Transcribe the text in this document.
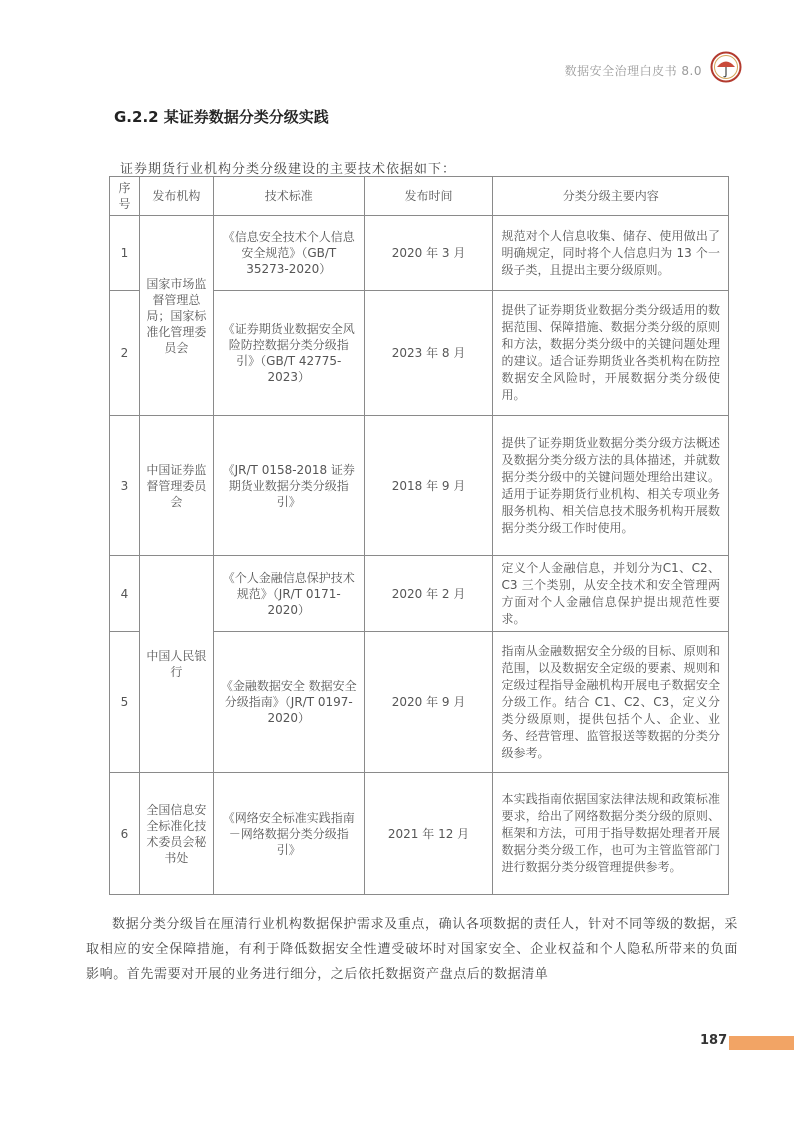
数据安全治理白皮书 8.0
G.2.2 某证券数据分类分级实践
证券期货行业机构分类分级建设的主要技术依据如下：
序号	发布机构	技术标准	发布时间	分类分级主要内容
1	国家市场监督管理总局；国家标准化管理委员会	《信息安全技术个人信息安全规范》（GB/T 35273-2020）	2020 年 3 月	规范对个人信息收集、储存、使用做出了明确规定，同时将个人信息归为 13 个一级子类，且提出主要分级原则。
2		《证券期货业数据安全风险防控数据分类分级指引》（GB/T 42775-2023）	2023 年 8 月	提供了证券期货业数据分类分级适用的数据范围、保障措施、数据分类分级的原则和方法，数据分类分级中的关键问题处理的建议。适合证券期货业各类机构在防控数据安全风险时，开展数据分类分级使用。
3	中国证券监督管理委员会	《JR/T 0158-2018 证券期货业数据分类分级指引》	2018 年 9 月	提供了证券期货业数据分类分级方法概述及数据分类分级方法的具体描述，并就数据分类分级中的关键问题处理给出建议。适用于证券期货行业机构、相关专项业务服务机构、相关信息技术服务机构开展数据分类分级工作时使用。
4	中国人民银行	《个人金融信息保护技术规范》（JR/T 0171-2020）	2020 年 2 月	定义个人金融信息，并划分为C1、C2、C3 三个类别，从安全技术和安全管理两方面对个人金融信息保护提出规范性要求。
5		《金融数据安全 数据安全分级指南》（JR/T 0197-2020）	2020 年 9 月	指南从金融数据安全分级的目标、原则和范围，以及数据安全定级的要素、规则和定级过程指导金融机构开展电子数据安全分级工作。结合 C1、C2、C3，定义分类分级原则，提供包括个人、企业、业务、经营管理、监管报送等数据的分类分级参考。
6	全国信息安全标准化技术委员会秘书处	《网络安全标准实践指南－网络数据分类分级指引》	2021 年 12 月	本实践指南依据国家法律法规和政策标准要求，给出了网络数据分类分级的原则、框架和方法，可用于指导数据处理者开展数据分类分级工作，也可为主管监管部门进行数据分类分级管理提供参考。
数据分类分级旨在厘清行业机构数据保护需求及重点，确认各项数据的责任人，针对不同等级的数据，采取相应的安全保障措施，有利于降低数据安全性遭受破坏时对国家安全、企业权益和个人隐私所带来的负面影响。首先需要对开展的业务进行细分，之后依托数据资产盘点后的数据清单
187
